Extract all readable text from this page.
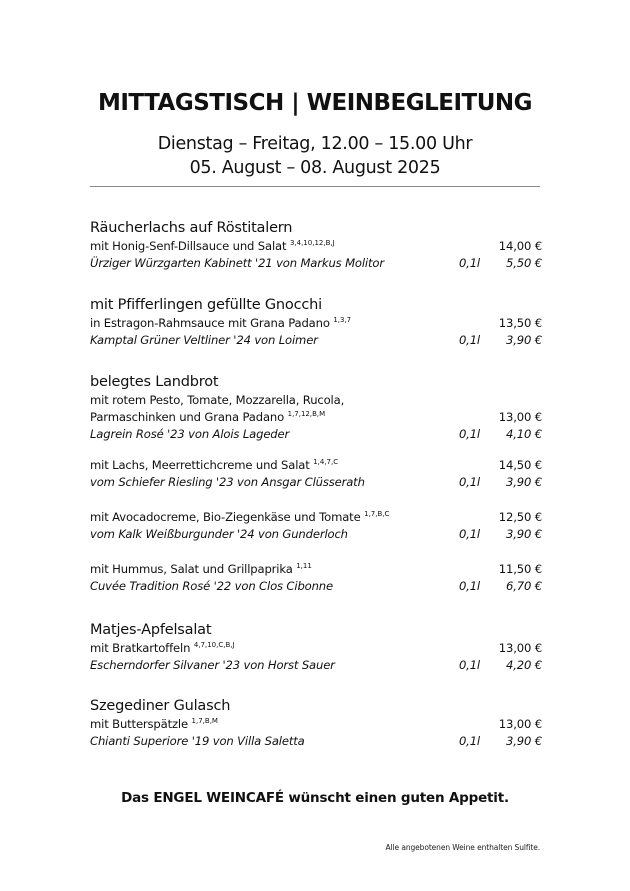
MITTAGSTISCH | WEINBEGLEITUNG
Dienstag – Freitag, 12.00 – 15.00 Uhr
05. August – 08. August 2025
Räucherlachs auf Röstitalern
mit Honig-Senf-Dillsauce und Salat $^{3,4,10,12,B,J}$	14,00 €
Ürziger Würzgarten Kabinett '21 von Markus Molitor	0,1l 5,50 €
mit Pfifferlingen gefüllte Gnocchi
in Estragon-Rahmsauce mit Grana Padano $^{1,3,7}$	13,50 €
Kamptal Grüner Veltliner '24 von Loimer	0,1l 3,90 €
belegtes Landbrot
mit rotem Pesto, Tomate, Mozzarella, Rucola,
Parmaschinken und Grana Padano $^{1,7,12,B,M}$	13,00 €
Lagrein Rosé '23 von Alois Lageder	0,1l 4,10 €
mit Lachs, Meerrettichcreme und Salat $^{1,4,7,C}$	14,50 €
vom Schiefer Riesling '23 von Ansgar Clüsserath	0,1l 3,90 €
mit Avocadocreme, Bio-Ziegenkäse und Tomate $^{1,7,B,C}$	12,50 €
vom Kalk Weißburgunder '24 von Gunderloch	0,1l 3,90 €
mit Hummus, Salat und Grillpaprika $^{1,11}$	11,50 €
Cuvée Tradition Rosé '22 von Clos Cibonne	0,1l 6,70 €
Matjes-Apfelsalat
mit Bratkartoffeln $^{4,7,10,C,B,J}$	13,00 €
Escherndorfer Silvaner '23 von Horst Sauer	0,1l 4,20 €
Szegediner Gulasch
mit Butterspätzle $^{1,7,B,M}$	13,00 €
Chianti Superiore '19 von Villa Saletta	0,1l 3,90 €
Das ENGEL WEINCAFÉ wünscht einen guten Appetit.
Alle angebotenen Weine enthalten Sulfite.
